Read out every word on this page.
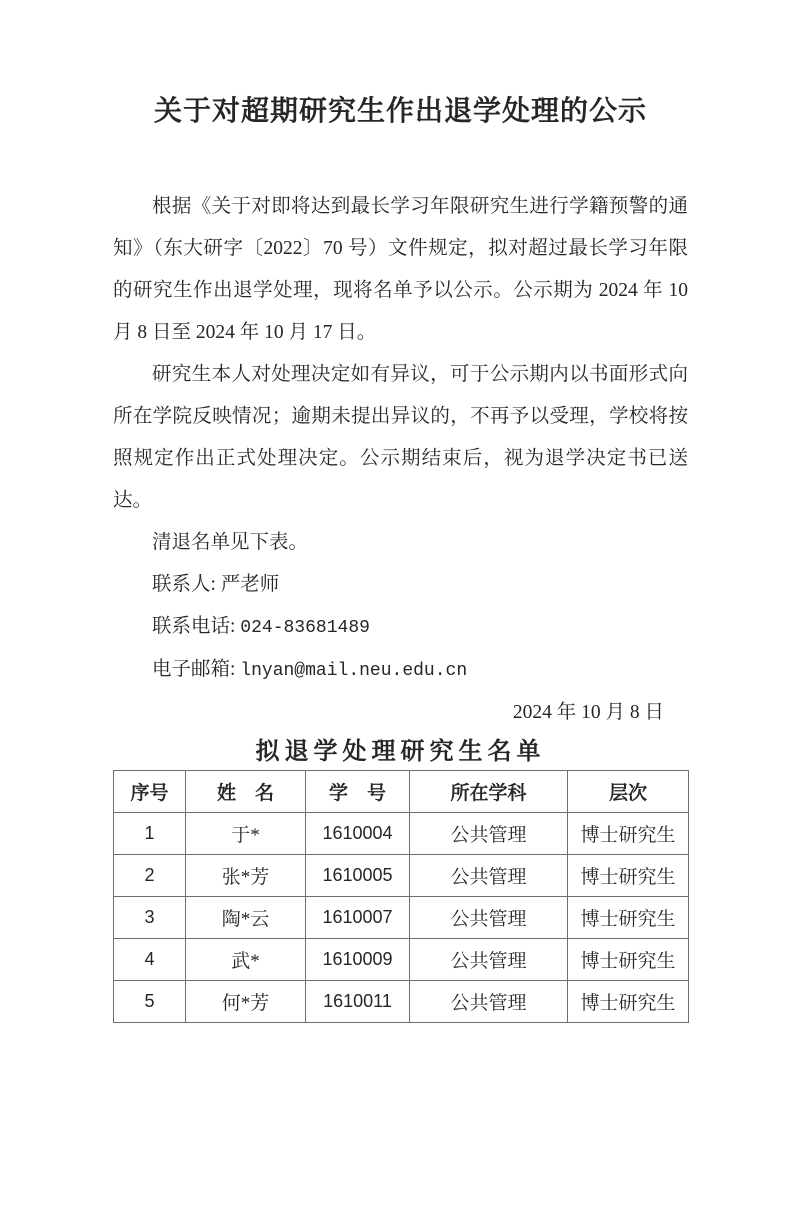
关于对超期研究生作出退学处理的公示

根据《关于对即将达到最长学习年限研究生进行学籍预警的通知》（东大研字〔2022〕70 号）文件规定，拟对超过最长学习年限的研究生作出退学处理，现将名单予以公示。公示期为 2024 年 10 月 8 日至 2024 年 10 月 17 日。

研究生本人对处理决定如有异议，可于公示期内以书面形式向所在学院反映情况；逾期未提出异议的，不再予以受理，学校将按照规定作出正式处理决定。公示期结束后，视为退学决定书已送达。

清退名单见下表。

联系人: 严老师

联系电话: 024-83681489

电子邮箱: lnyan@mail.neu.edu.cn

2024 年 10 月 8 日

拟退学处理研究生名单
序号	姓　名	学　号	所在学科	层次
1	于*	1610004	公共管理	博士研究生
2	张*芳	1610005	公共管理	博士研究生
3	陶*云	1610007	公共管理	博士研究生
4	武*	1610009	公共管理	博士研究生
5	何*芳	1610011	公共管理	博士研究生
